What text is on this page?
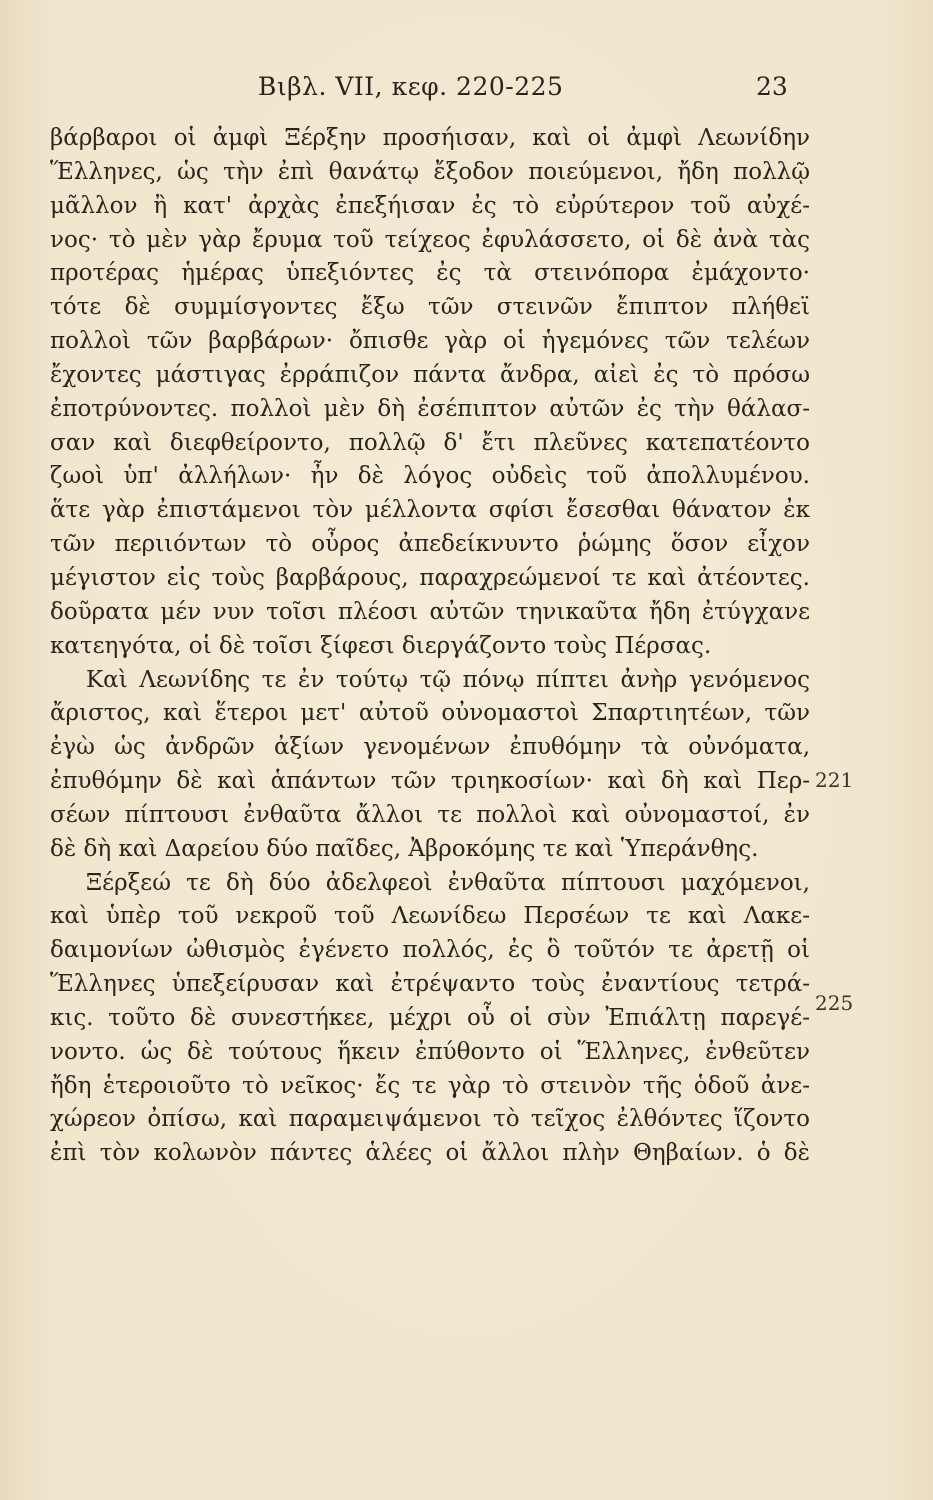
Βιβλ. VII, κεφ. 220-225	23
βάρβαροι οἱ ἀμφὶ Ξέρξην προσήισαν, καὶ οἱ ἀμφὶ Λεωνίδην
Ἕλληνες, ὡς τὴν ἐπὶ θανάτῳ ἔξοδον ποιεύμενοι, ἤδη πολλῷ
μᾶλλον ἢ κατ' ἀρχὰς ἐπεξήισαν ἐς τὸ εὐρύτερον τοῦ αὐχέ-
νος· τὸ μὲν γὰρ ἔρυμα τοῦ τείχεος ἐφυλάσσετο, οἱ δὲ ἀνὰ τὰς
προτέρας ἡμέρας ὑπεξιόντες ἐς τὰ στεινόπορα ἐμάχοντο·
τότε δὲ συμμίσγοντες ἔξω τῶν στεινῶν ἔπιπτον πλήθεϊ
πολλοὶ τῶν βαρβάρων· ὄπισθε γὰρ οἱ ἡγεμόνες τῶν τελέων
ἔχοντες μάστιγας ἐρράπιζον πάντα ἄνδρα, αἰεὶ ἐς τὸ πρόσω
ἐποτρύνοντες. πολλοὶ μὲν δὴ ἐσέπιπτον αὐτῶν ἐς τὴν θάλασ-
σαν καὶ διεφθείροντο, πολλῷ δ' ἔτι πλεῦνες κατεπατέοντο
ζωοὶ ὑπ' ἀλλήλων· ἦν δὲ λόγος οὐδεὶς τοῦ ἀπολλυμένου.
ἅτε γὰρ ἐπιστάμενοι τὸν μέλλοντα σφίσι ἔσεσθαι θάνατον ἐκ
τῶν περιιόντων τὸ οὖρος ἀπεδείκνυντο ῥώμης ὅσον εἶχον
μέγιστον εἰς τοὺς βαρβάρους, παραχρεώμενοί τε καὶ ἀτέοντες.
δοῦρατα μέν νυν τοῖσι πλέοσι αὐτῶν τηνικαῦτα ἤδη ἐτύγχανε
κατεηγότα, οἱ δὲ τοῖσι ξίφεσι διεργάζοντο τοὺς Πέρσας.
Καὶ Λεωνίδης τε ἐν τούτῳ τῷ πόνῳ πίπτει ἀνὴρ γενόμενος
ἄριστος, καὶ ἕτεροι μετ' αὐτοῦ οὐνομαστοὶ Σπαρτιητέων, τῶν
ἐγὼ ὡς ἀνδρῶν ἀξίων γενομένων ἐπυθόμην τὰ οὐνόματα,
ἐπυθόμην δὲ καὶ ἁπάντων τῶν τριηκοσίων· καὶ δὴ καὶ Περ-
σέων πίπτουσι ἐνθαῦτα ἄλλοι τε πολλοὶ καὶ οὐνομαστοί, ἐν
δὲ δὴ καὶ Δαρείου δύο παῖδες, Ἀβροκόμης τε καὶ Ὑπεράνθης.
Ξέρξεώ τε δὴ δύο ἀδελφεοὶ ἐνθαῦτα πίπτουσι μαχόμενοι,
καὶ ὑπὲρ τοῦ νεκροῦ τοῦ Λεωνίδεω Περσέων τε καὶ Λακε-
δαιμονίων ὠθισμὸς ἐγένετο πολλός, ἐς ὃ τοῦτόν τε ἀρετῇ οἱ
Ἕλληνες ὑπεξείρυσαν καὶ ἐτρέψαντο τοὺς ἐναντίους τετρά-
κις. τοῦτο δὲ συνεστήκεε, μέχρι οὗ οἱ σὺν Ἐπιάλτῃ παρεγέ-
νοντο. ὡς δὲ τούτους ἥκειν ἐπύθοντο οἱ Ἕλληνες, ἐνθεῦτεν
ἤδη ἑτεροιοῦτο τὸ νεῖκος· ἔς τε γὰρ τὸ στεινὸν τῆς ὁδοῦ ἀνε-
χώρεον ὀπίσω, καὶ παραμειψάμενοι τὸ τεῖχος ἐλθόντες ἵζοντο
ἐπὶ τὸν κολωνὸν πάντες ἁλέες οἱ ἄλλοι πλὴν Θηβαίων. ὁ δὲ
221
225
